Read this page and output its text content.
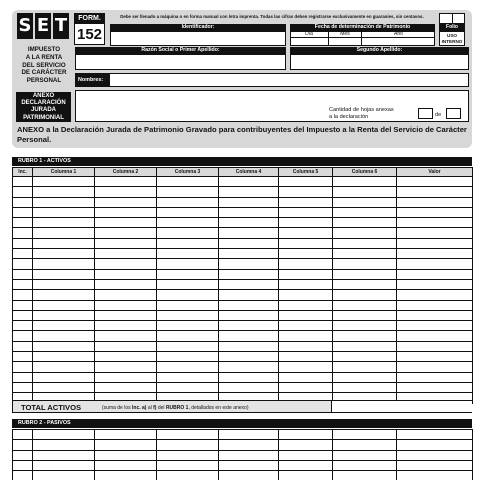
S E T	FORM.
152
IMPUESTO
A LA RENTA
DEL SERVICIO
DE CARÁCTER
PERSONAL
ANEXO
DECLARACIÓN
JURADA
PATRIMONIAL
Debe ser llenado a máquina o en forma manual con letra imprenta. Todas las cifras deben registrarse exclusivamente en guaraníes, sin centavos.
Identificador:	Fecha de determinación de Patrimonio
Día	Mes	Año
Folio
USO INTERNO
Razón Social o Primer Apellido:	Segundo Apellido:
Nombres:
Cantidad de hojas anexas
a la declaración	de
ANEXO a la Declaración Jurada de Patrimonio Gravado para contribuyentes del Impuesto a la Renta del Servicio de Carácter Personal.
RUBRO 1 - ACTIVOS
Inc.	Columna 1	Columna 2	Columna 3	Columna 4	Columna 5	Columna 6	Valor

TOTAL ACTIVOS	(suma de los Inc. a) al f) del RUBRO 1, detallados en este anexo)
RUBRO 2 - PASIVOS
